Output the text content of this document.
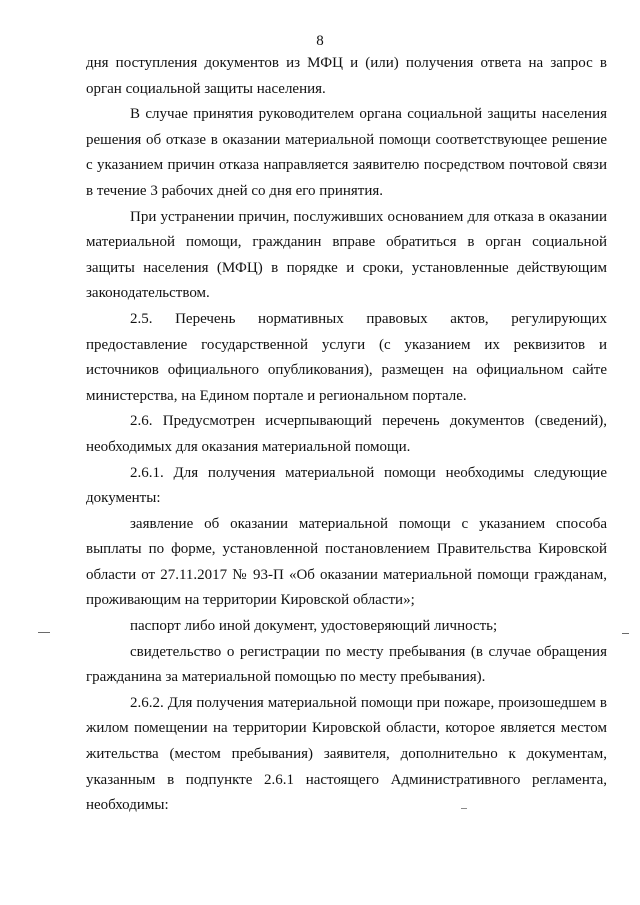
8

дня поступления документов из МФЦ и (или) получения ответа на запрос в орган социальной защиты населения.

В случае принятия руководителем органа социальной защиты населения решения об отказе в оказании материальной помощи соответствующее решение с указанием причин отказа направляется заявителю посредством почтовой связи в течение 3 рабочих дней со дня его принятия.

При устранении причин, послуживших основанием для отказа в оказании материальной помощи, гражданин вправе обратиться в орган социальной защиты населения (МФЦ) в порядке и сроки, установленные действующим законодательством.

2.5. Перечень нормативных правовых актов, регулирующих предоставление государственной услуги (с указанием их реквизитов и источников официального опубликования), размещен на официальном сайте министерства, на Едином портале и региональном портале.

2.6. Предусмотрен исчерпывающий перечень документов (сведений), необходимых для оказания материальной помощи.

2.6.1. Для получения материальной помощи необходимы следующие документы:

заявление об оказании материальной помощи с указанием способа выплаты по форме, установленной постановлением Правительства Кировской области от 27.11.2017 № 93-П «Об оказании материальной помощи гражданам, проживающим на территории Кировской области»;

паспорт либо иной документ, удостоверяющий личность;

свидетельство о регистрации по месту пребывания (в случае обращения гражданина за материальной помощью по месту пребывания).

2.6.2. Для получения материальной помощи при пожаре, произошедшем в жилом помещении на территории Кировской области, которое является местом жительства (местом пребывания) заявителя, дополнительно к документам, указанным в подпункте 2.6.1 настоящего Административного регламента, необходимы:
